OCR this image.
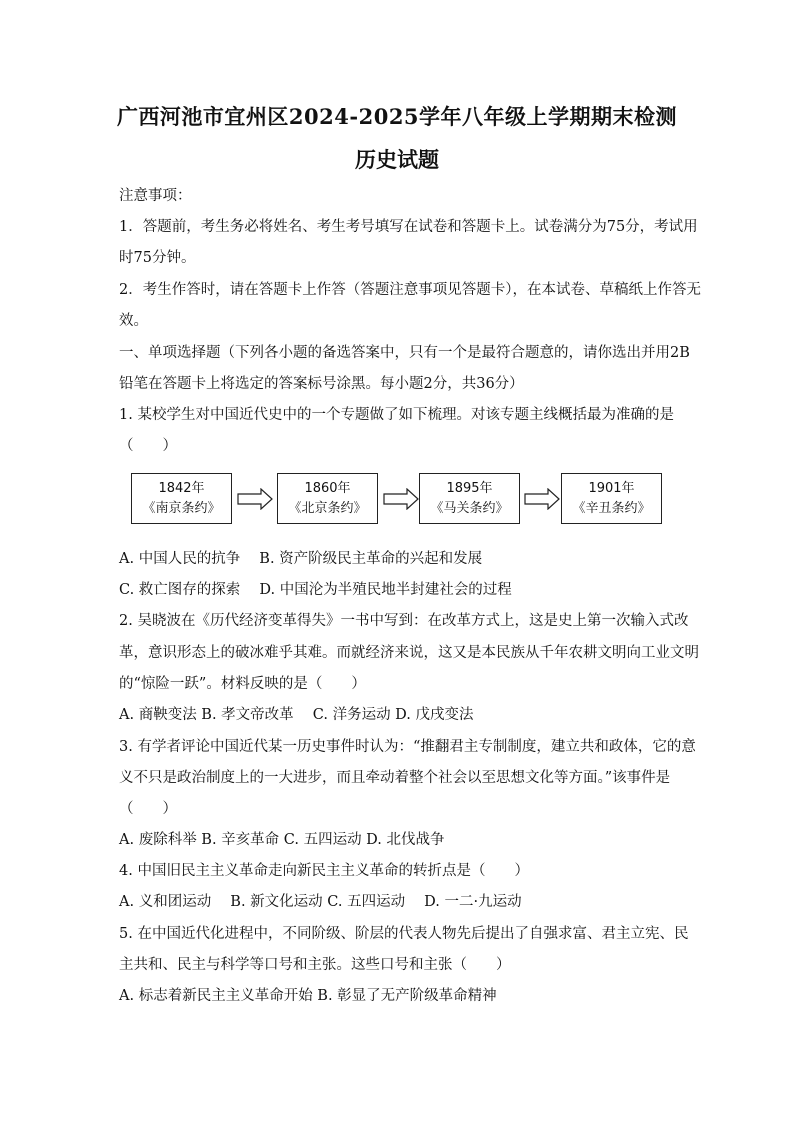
广西河池市宜州区2024-2025学年八年级上学期期末检测
历史试题
注意事项：
1．答题前，考生务必将姓名、考生考号填写在试卷和答题卡上。试卷满分为75分，考试用
时75分钟。
2．考生作答时，请在答题卡上作答（答题注意事项见答题卡），在本试卷、草稿纸上作答无
效。
一、单项选择题（下列各小题的备选答案中，只有一个是最符合题意的，请你选出并用2B
铅笔在答题卡上将选定的答案标号涂黑。每小题2分，共36分）
1. 某校学生对中国近代史中的一个专题做了如下梳理。对该专题主线概括最为准确的是
（　　）
1842年
《南京条约》
1860年
《北京条约》
1895年
《马关条约》
1901年
《辛丑条约》
A. 中国人民的抗争　 B. 资产阶级民主革命的兴起和发展
C. 救亡图存的探索　 D. 中国沦为半殖民地半封建社会的过程
2. 吴晓波在《历代经济变革得失》一书中写到：在改革方式上，这是史上第一次输入式改
革，意识形态上的破冰难乎其难。而就经济来说，这又是本民族从千年农耕文明向工业文明
的“惊险一跃”。材料反映的是（　　）
A. 商鞅变法 B. 孝文帝改革　 C. 洋务运动 D. 戊戌变法
3. 有学者评论中国近代某一历史事件时认为：“推翻君主专制制度，建立共和政体，它的意
义不只是政治制度上的一大进步，而且牵动着整个社会以至思想文化等方面。”该事件是
（　　）
A. 废除科举 B. 辛亥革命 C. 五四运动 D. 北伐战争
4. 中国旧民主主义革命走向新民主主义革命的转折点是（　　）
A. 义和团运动　 B. 新文化运动 C. 五四运动　 D. 一二·九运动
5. 在中国近代化进程中，不同阶级、阶层的代表人物先后提出了自强求富、君主立宪、民
主共和、民主与科学等口号和主张。这些口号和主张（　　）
A. 标志着新民主主义革命开始 B. 彰显了无产阶级革命精神
